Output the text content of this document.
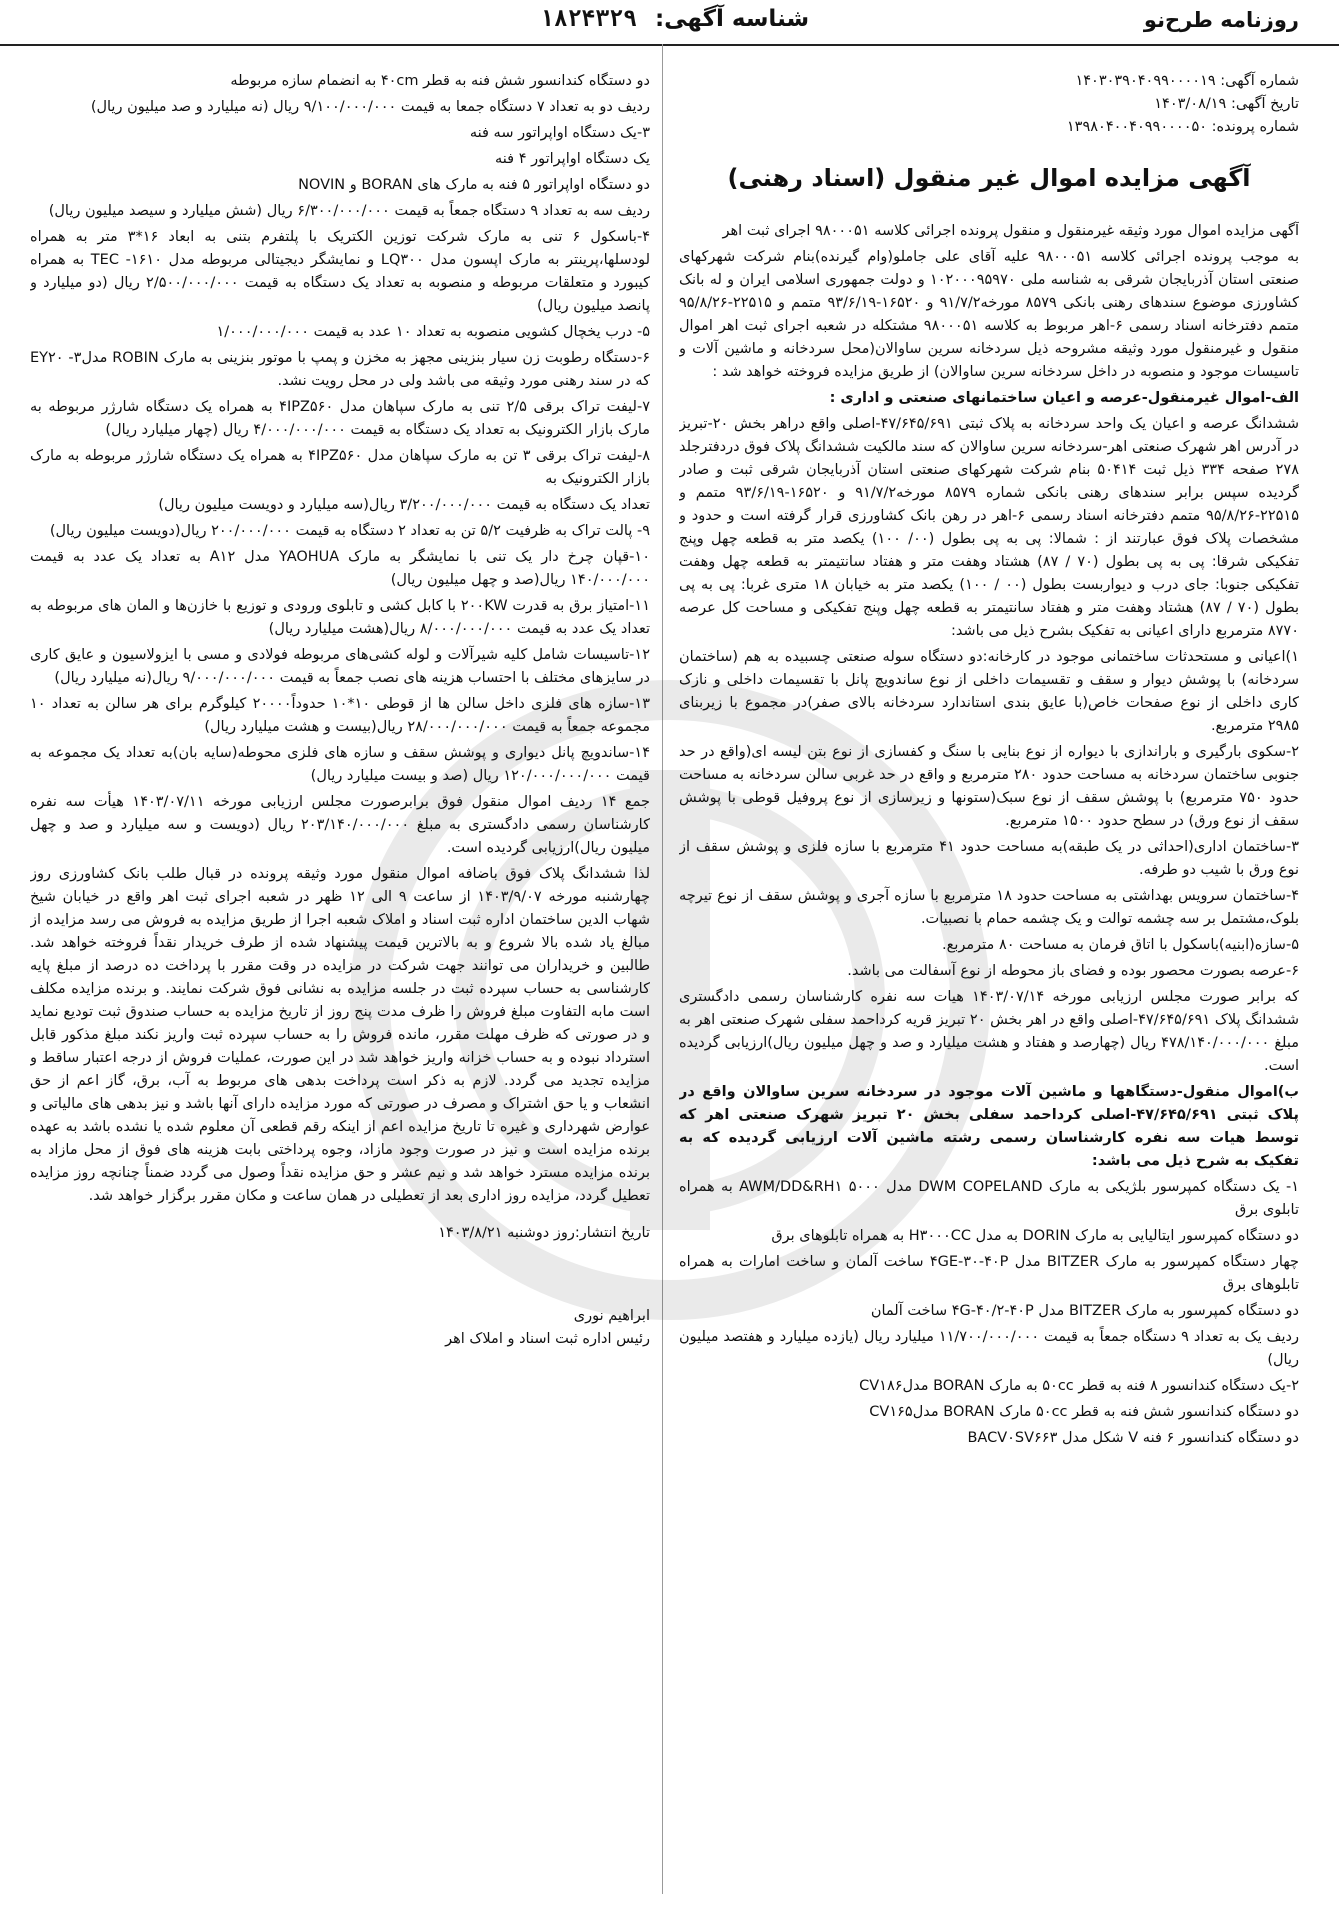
روزنامه طرح‌نو
شناسه آگهی: ۱۸۲۴۳۲۹
شماره آگهی: ۱۴۰۳۰۳۹۰۴۰۹۹۰۰۰۰۱۹
تاریخ آگهی: ۱۴۰۳/۰۸/۱۹
شماره پرونده: ۱۳۹۸۰۴۰۰۴۰۹۹۰۰۰۰۵۰
آگهی مزایده اموال غیر منقول (اسناد رهنی)

آگهی مزایده اموال مورد وثیقه غیرمنقول و منقول پرونده اجرائی کلاسه ۹۸۰۰۰۵۱ اجرای ثبت اهر

به موجب پرونده اجرائی کلاسه ۹۸۰۰۰۵۱ علیه آقای علی جاملو(وام گیرنده)بنام شرکت شهرکهای صنعتی استان آذربایجان شرقی به شناسه ملی ۱۰۲۰۰۰۹۵۹۷۰ و دولت جمهوری اسلامی ایران و له بانک کشاورزی موضوع سندهای رهنی بانکی ۸۵۷۹ مورخه۹۱/۷/۲ و ۱۶۵۲۰-۹۳/۶/۱۹ متمم و ۲۲۵۱۵-۹۵/۸/۲۶ متمم دفترخانه اسناد رسمی ۶-اهر مربوط به کلاسه ۹۸۰۰۰۵۱ مشتکله در شعبه اجرای ثبت اهر اموال منقول و غیرمنقول مورد وثیقه مشروحه ذیل سردخانه سرین ساوالان(محل سردخانه و ماشین آلات و تاسیسات موجود و منصوبه در داخل سردخانه سرین ساوالان) از طریق مزایده فروخته خواهد شد :

الف-اموال غیرمنقول-عرصه و اعیان ساختمانهای صنعتی و اداری :

ششدانگ عرصه و اعیان یک واحد سردخانه به پلاک ثبتی ۴۷/۶۴۵/۶۹۱-اصلی واقع دراهر بخش ۲۰-تبریز در آدرس اهر شهرک صنعتی اهر-سردخانه سرین ساوالان که سند مالکیت ششدانگ پلاک فوق دردفترجلد ۲۷۸ صفحه ۳۳۴ ذیل ثبت ۵۰۴۱۴ بنام شرکت شهرکهای صنعتی استان آذربایجان شرقی ثبت و صادر گردیده سپس برابر سندهای رهنی بانکی شماره ۸۵۷۹ مورخه۹۱/۷/۲ و ۱۶۵۲۰-۹۳/۶/۱۹ متمم و ۲۲۵۱۵-۹۵/۸/۲۶ متمم دفترخانه اسناد رسمی ۶-اهر در رهن بانک کشاورزی قرار گرفته است و حدود و مشخصات پلاک فوق عبارتند از : شمالا: پی به پی بطول (۰۰/ ۱۰۰) یکصد متر به قطعه چهل وپنج تفکیکی شرقا: پی به پی بطول (۷۰ / ۸۷) هشتاد وهفت متر و هفتاد سانتیمتر به قطعه چهل وهفت تفکیکی جنوبا: جای درب و دیواربست بطول (۰۰ / ۱۰۰) یکصد متر به خیابان ۱۸ متری غربا: پی به پی بطول (۷۰ / ۸۷) هشتاد وهفت متر و هفتاد سانتیمتر به قطعه چهل وپنج تفکیکی و مساحت کل عرصه ۸۷۷۰ مترمربع دارای اعیانی به تفکیک بشرح ذیل می باشد:

۱)اعیانی و مستحدثات ساختمانی موجود در کارخانه:دو دستگاه سوله صنعتی چسبیده به هم (ساختمان سردخانه) با پوشش دیوار و سقف و تقسیمات داخلی از نوع ساندویچ پانل با تقسیمات داخلی و نازک کاری داخلی از نوع صفحات خاص(با عایق بندی استاندارد سردخانه بالای صفر)در مجموع با زیربنای ۲۹۸۵ مترمربع.

۲-سکوی بارگیری و باراندازی با دیواره از نوع بنایی با سنگ و کفسازی از نوع بتن لیسه ای(واقع در حد جنوبی ساختمان سردخانه به مساحت حدود ۲۸۰ مترمربع و واقع در حد غربی سالن سردخانه به مساحت حدود ۷۵۰ مترمربع) با پوشش سقف از نوع سبک(ستونها و زیرسازی از نوع پروفیل قوطی با پوشش سقف از نوع ورق) در سطح حدود ۱۵۰۰ مترمربع.

۳-ساختمان اداری(احداثی در یک طبقه)به مساحت حدود ۴۱ مترمربع با سازه فلزی و پوشش سقف از نوع ورق با شیب دو طرفه.

۴-ساختمان سرویس بهداشتی به مساحت حدود ۱۸ مترمربع با سازه آجری و پوشش سقف از نوع تیرچه بلوک،مشتمل بر سه چشمه توالت و یک چشمه حمام با نصبیات.

۵-سازه(ابنیه)باسکول با اتاق فرمان به مساحت ۸۰ مترمربع.

۶-عرصه بصورت محصور بوده و فضای باز محوطه از نوع آسفالت می باشد.

که برابر صورت مجلس ارزیابی مورخه ۱۴۰۳/۰۷/۱۴ هیات سه نفره کارشناسان رسمی دادگستری ششدانگ پلاک ۴۷/۶۴۵/۶۹۱-اصلی واقع در اهر بخش ۲۰ تبریز قریه کرداحمد سفلی شهرک صنعتی اهر به مبلغ ۴۷۸/۱۴۰/۰۰۰/۰۰۰ ریال (چهارصد و هفتاد و هشت میلیارد و صد و چهل میلیون ریال)ارزیابی گردیده است.

ب)اموال منقول-دستگاهها و ماشین آلات موجود در سردخانه سرین ساوالان واقع در پلاک ثبتی ۴۷/۶۴۵/۶۹۱-اصلی کرداحمد سفلی بخش ۲۰ تبریز شهرک صنعتی اهر که توسط هیات سه نفره کارشناسان رسمی رشته ماشین آلات ارزیابی گردیده که به تفکیک به شرح ذیل می باشد:

۱- یک دستگاه کمپرسور بلژیکی به مارک DWM COPELAND مدل ۵۰۰۰ AWM/DD&RH۱ به همراه تابلوی برق

دو دستگاه کمپرسور ایتالیایی به مارک DORIN به مدل H۳۰۰۰CC به همراه تابلوهای برق

چهار دستگاه کمپرسور به مارک BITZER مدل ۴GE-۳۰-۴۰P ساخت آلمان و ساخت امارات به همراه تابلوهای برق

دو دستگاه کمپرسور به مارک BITZER مدل ۴G-۴۰/۲-۴۰P ساخت آلمان

ردیف یک به تعداد ۹ دستگاه جمعاً به قیمت ۱۱/۷۰۰/۰۰۰/۰۰۰ میلیارد ریال (یازده میلیارد و هفتصد میلیون ریال)

۲-یک دستگاه کندانسور ۸ فنه به قطر ۵۰cc به مارک BORAN مدلCV۱۸۶

دو دستگاه کندانسور شش فنه به قطر ۵۰cc مارک BORAN مدلCV۱۶۵

دو دستگاه کندانسور ۶ فنه V شکل مدل BACV۰SV۶۶۳

دو دستگاه کندانسور شش فنه به قطر ۴۰cm به انضمام سازه مربوطه

ردیف دو به تعداد ۷ دستگاه جمعا به قیمت ۹/۱۰۰/۰۰۰/۰۰۰ ریال (نه میلیارد و صد میلیون ریال)

۳-یک دستگاه اواپراتور سه فنه

یک دستگاه اواپراتور ۴ فنه

دو دستگاه اواپراتور ۵ فنه به مارک های BORAN و NOVIN

ردیف سه به تعداد ۹ دستگاه جمعاً به قیمت ۶/۳۰۰/۰۰۰/۰۰۰ ریال (شش میلیارد و سیصد میلیون ریال)

۴-باسکول ۶ تنی به مارک شرکت توزین الکتریک با پلتفرم بتنی به ابعاد ۱۶*۳ متر به همراه لودسلها،پرینتر به مارک اپسون مدل LQ۳۰۰ و نمایشگر دیجیتالی مربوطه مدل ۱۶۱۰- TEC به همراه کیبورد و متعلقات مربوطه و منصوبه به تعداد یک دستگاه به قیمت ۲/۵۰۰/۰۰۰/۰۰۰ ریال (دو میلیارد و پانصد میلیون ریال)

۵- درب یخچال کشویی منصوبه به تعداد ۱۰ عدد به قیمت ۱/۰۰۰/۰۰۰/۰۰۰

۶-دستگاه رطوبت زن سیار بنزینی مجهز به مخزن و پمپ با موتور بنزینی به مارک ROBIN مدل۳- EY۲۰ که در سند رهنی مورد وثیقه می باشد ولی در محل رویت نشد.

۷-لیفت تراک برقی ۲/۵ تنی به مارک سپاهان مدل ۴IPZ۵۶۰ به همراه یک دستگاه شارژر مربوطه به مارک بازار الکترونیک به تعداد یک دستگاه به قیمت ۴/۰۰۰/۰۰۰/۰۰۰ ریال (چهار میلیارد ریال)

۸-لیفت تراک برقی ۳ تن به مارک سپاهان مدل ۴IPZ۵۶۰ به همراه یک دستگاه شارژر مربوطه به مارک بازار الکترونیک به

تعداد یک دستگاه به قیمت ۳/۲۰۰/۰۰۰/۰۰۰ ریال(سه میلیارد و دویست میلیون ریال)

۹- پالت تراک به ظرفیت ۵/۲ تن به تعداد ۲ دستگاه به قیمت ۲۰۰/۰۰۰/۰۰۰ ریال(دویست میلیون ریال)

۱۰-قپان چرخ دار یک تنی با نمایشگر به مارک YAOHUA مدل A۱۲ به تعداد یک عدد به قیمت ۱۴۰/۰۰۰/۰۰۰ ریال(صد و چهل میلیون ریال)

۱۱-امتیاز برق به قدرت ۲۰۰KW با کابل کشی و تابلوی ورودی و توزیع با خازن‌ها و المان های مربوطه به تعداد یک عدد به قیمت ۸/۰۰۰/۰۰۰/۰۰۰ ریال(هشت میلیارد ریال)

۱۲-تاسیسات شامل کلیه شیرآلات و لوله کشی‌های مربوطه فولادی و مسی با ایزولاسیون و عایق کاری در سایزهای مختلف با احتساب هزینه های نصب جمعاً به قیمت ۹/۰۰۰/۰۰۰/۰۰۰ ریال(نه میلیارد ریال)

۱۳-سازه های فلزی داخل سالن ها از قوطی ۱۰*۱۰ حدوداً۲۰۰۰۰ کیلوگرم برای هر سالن به تعداد ۱۰ مجموعه جمعاً به قیمت ۲۸/۰۰۰/۰۰۰/۰۰۰ ریال(بیست و هشت میلیارد ریال)

۱۴-ساندویچ پانل دیواری و پوشش سقف و سازه های فلزی محوطه(سایه بان)به تعداد یک مجموعه به قیمت ۱۲۰/۰۰۰/۰۰۰/۰۰۰ ریال (صد و بیست میلیارد ریال)

جمع ۱۴ ردیف اموال منقول فوق برابرصورت مجلس ارزیابی مورخه ۱۴۰۳/۰۷/۱۱ هیأت سه نفره کارشناسان رسمی دادگستری به مبلغ ۲۰۳/۱۴۰/۰۰۰/۰۰۰ ریال (دویست و سه میلیارد و صد و چهل میلیون ریال)ارزیابی گردیده است.

لذا ششدانگ پلاک فوق باضافه اموال منقول مورد وثیقه پرونده در قبال طلب بانک کشاورزی روز چهارشنبه مورخه ۱۴۰۳/۹/۰۷ از ساعت ۹ الی ۱۲ ظهر در شعبه اجرای ثبت اهر واقع در خیابان شیخ شهاب الدین ساختمان اداره ثبت اسناد و املاک شعبه اجرا از طریق مزایده به فروش می رسد مزایده از مبالغ یاد شده بالا شروع و به بالاترین قیمت پیشنهاد شده از طرف خریدار نقداً فروخته خواهد شد. طالبین و خریداران می توانند جهت شرکت در مزایده در وقت مقرر با پرداخت ده درصد از مبلغ پایه کارشناسی به حساب سپرده ثبت در جلسه مزایده به نشانی فوق شرکت نمایند. و برنده مزایده مکلف است مابه التفاوت مبلغ فروش را ظرف مدت پنج روز از تاریخ مزایده به حساب صندوق ثبت تودیع نماید و در صورتی که ظرف مهلت مقرر، مانده فروش را به حساب سپرده ثبت واریز نکند مبلغ مذکور قابل استرداد نبوده و به حساب خزانه واریز خواهد شد در این صورت، عملیات فروش از درجه اعتبار ساقط و مزایده تجدید می گردد. لازم به ذکر است پرداخت بدهی های مربوط به آب، برق، گاز اعم از حق انشعاب و یا حق اشتراک و مصرف در صورتی که مورد مزایده دارای آنها باشد و نیز بدهی های مالیاتی و عوارض شهرداری و غیره تا تاریخ مزایده اعم از اینکه رقم قطعی آن معلوم شده یا نشده باشد به عهده برنده مزایده است و نیز در صورت وجود مازاد، وجوه پرداختی بابت هزینه های فوق از محل مازاد به برنده مزایده مسترد خواهد شد و نیم عشر و حق مزایده نقداً وصول می گردد ضمناً چنانچه روز مزایده تعطیل گردد، مزایده روز اداری بعد از تعطیلی در همان ساعت و مکان مقرر برگزار خواهد شد.

تاریخ انتشار:روز دوشنبه ۱۴۰۳/۸/۲۱

ابراهیم نوری
رئیس اداره ثبت اسناد و املاک اهر
